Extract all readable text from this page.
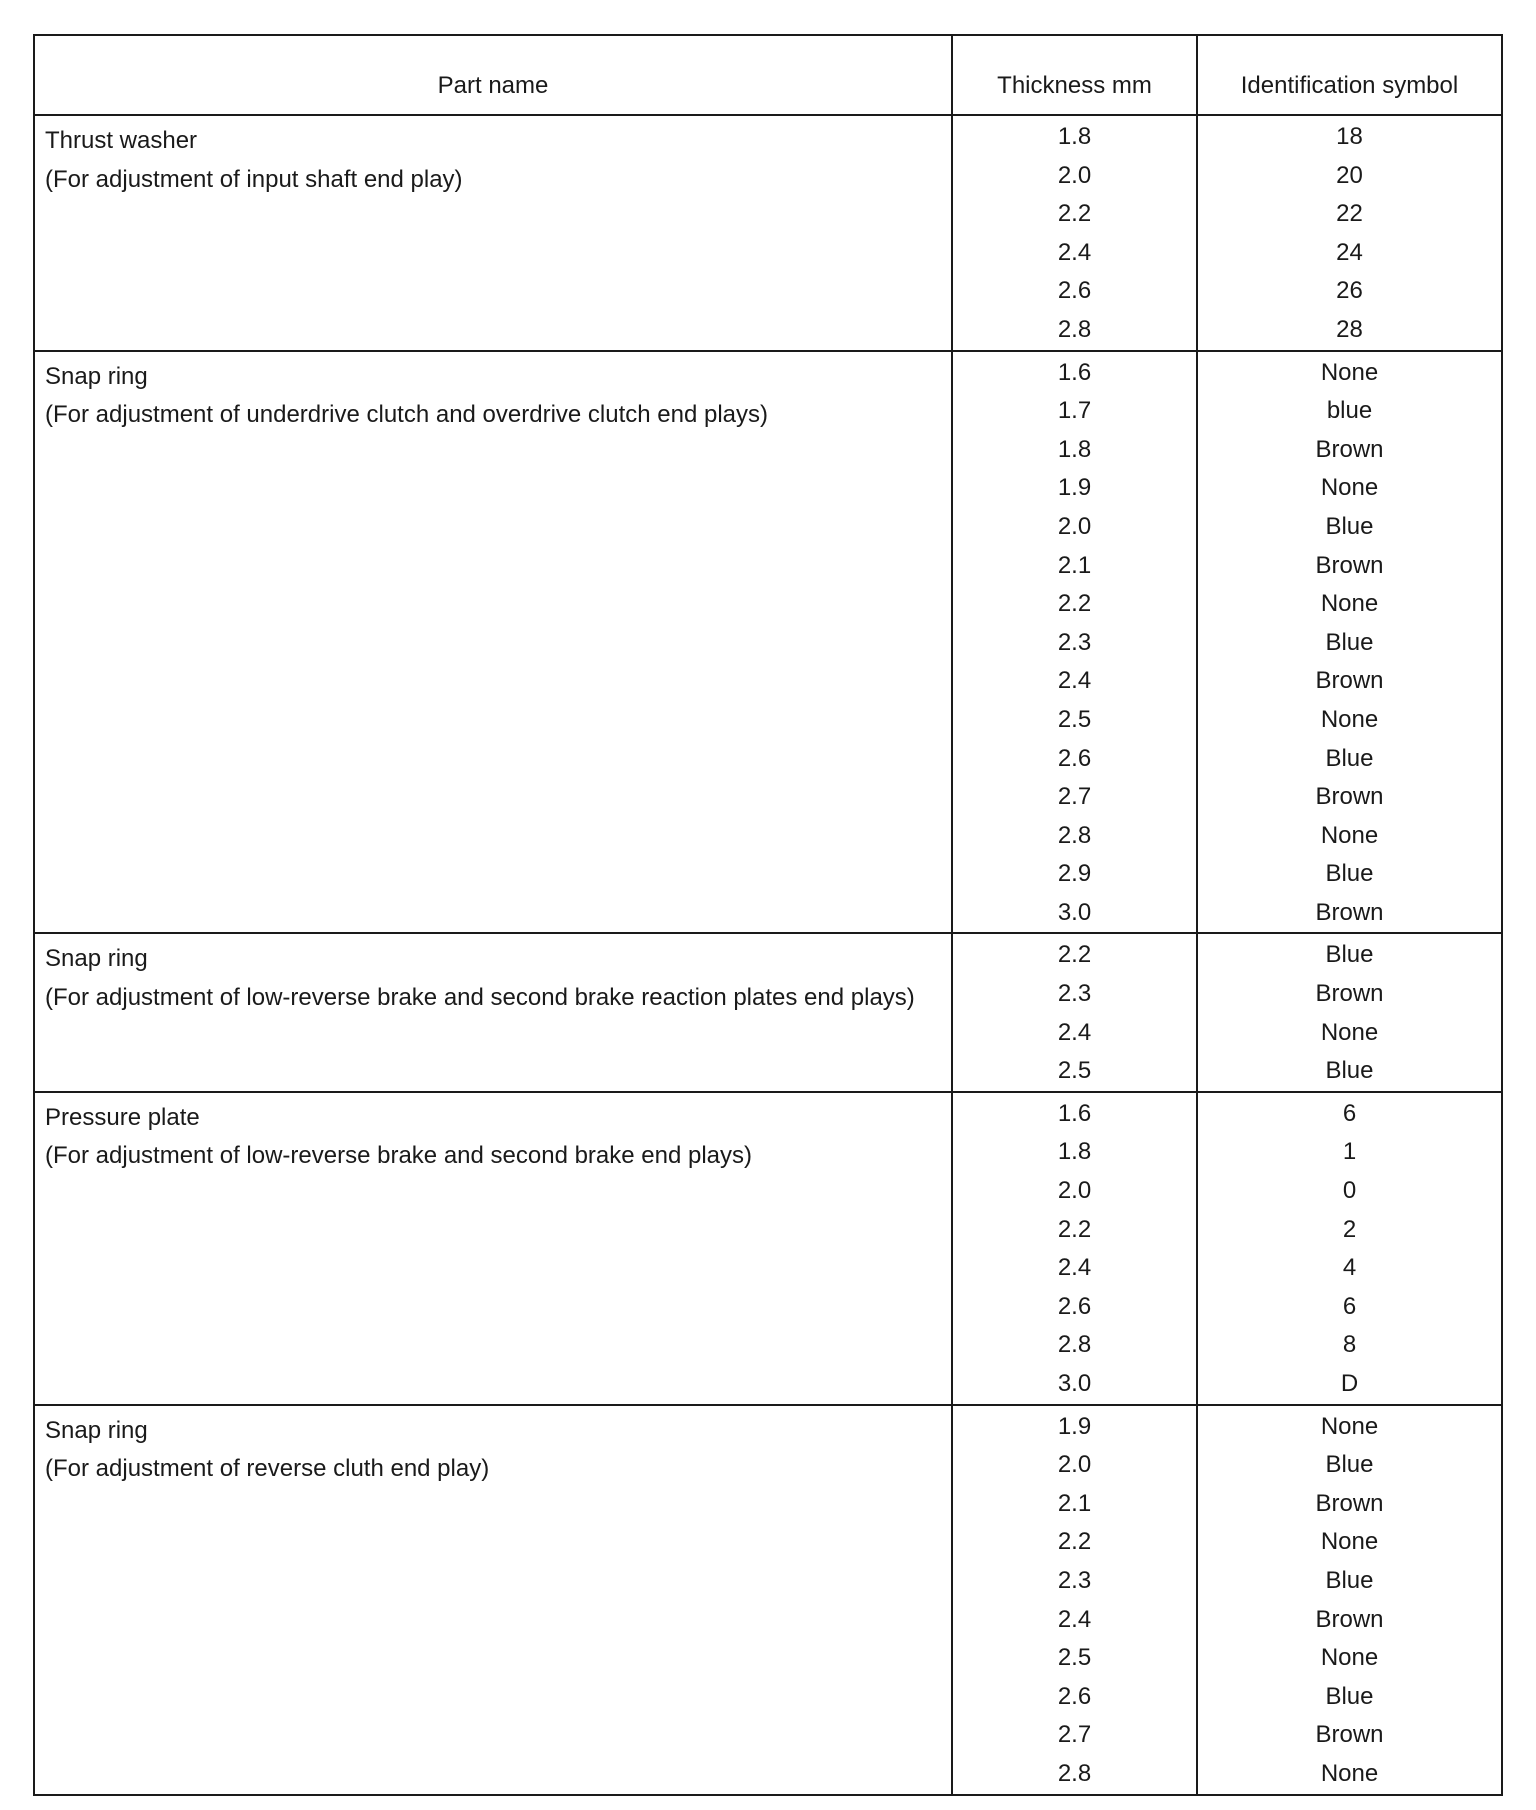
Part name	Thickness mm	Identification symbol
Thrust washer
(For adjustment of input shaft end play)
1.8
2.0
2.2
2.4
2.6
2.8
18
20
22
24
26
28
Snap ring
(For adjustment of underdrive clutch and overdrive clutch end plays)
1.6
1.7
1.8
1.9
2.0
2.1
2.2
2.3
2.4
2.5
2.6
2.7
2.8
2.9
3.0
None
blue
Brown
None
Blue
Brown
None
Blue
Brown
None
Blue
Brown
None
Blue
Brown
Snap ring
(For adjustment of low-reverse brake and second brake reaction plates end plays)
2.2
2.3
2.4
2.5
Blue
Brown
None
Blue
Pressure plate
(For adjustment of low-reverse brake and second brake end plays)
1.6
1.8
2.0
2.2
2.4
2.6
2.8
3.0
6
1
0
2
4
6
8
D
Snap ring
(For adjustment of reverse cluth end play)
1.9
2.0
2.1
2.2
2.3
2.4
2.5
2.6
2.7
2.8
None
Blue
Brown
None
Blue
Brown
None
Blue
Brown
None
